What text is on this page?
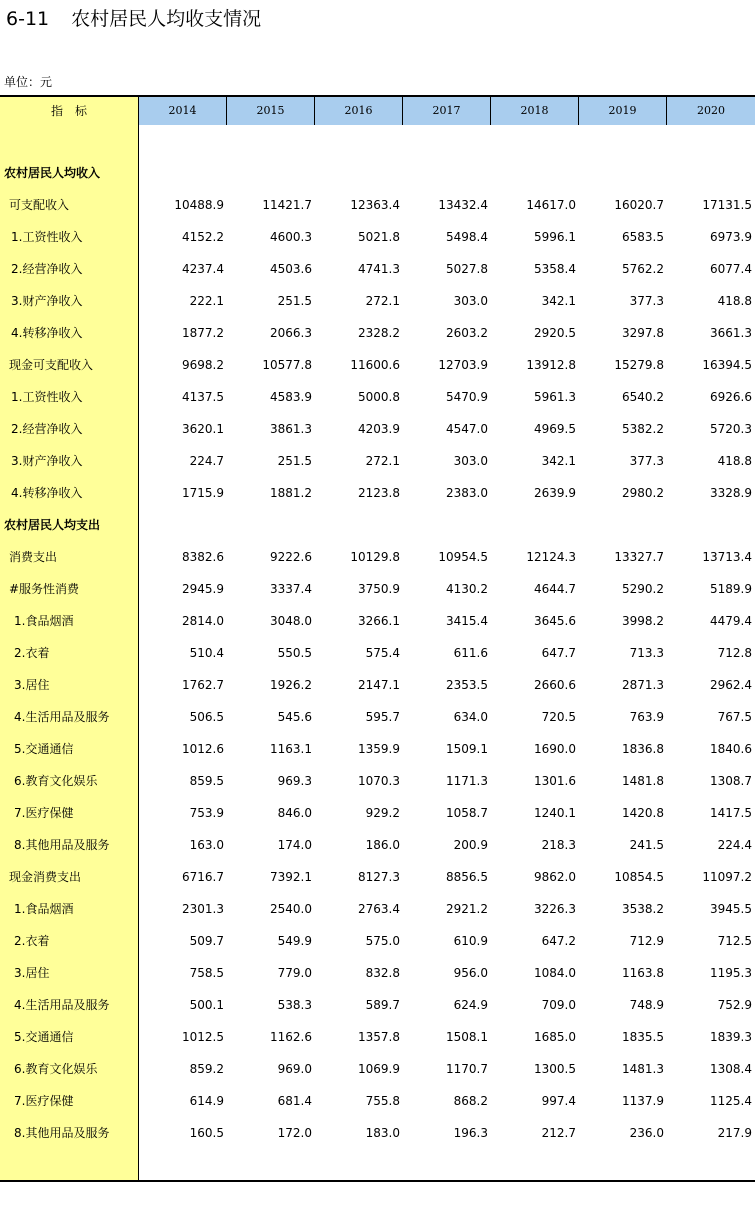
6-11 农村居民人均收支情况
单位：元
指标	2014	2015	2016	2017	2018	2019	2020
农村居民人均收入
可支配收入	10488.9	11421.7	12363.4	13432.4	14617.0	16020.7	17131.5
1.工资性收入	4152.2	4600.3	5021.8	5498.4	5996.1	6583.5	6973.9
2.经营净收入	4237.4	4503.6	4741.3	5027.8	5358.4	5762.2	6077.4
3.财产净收入	222.1	251.5	272.1	303.0	342.1	377.3	418.8
4.转移净收入	1877.2	2066.3	2328.2	2603.2	2920.5	3297.8	3661.3
现金可支配收入	9698.2	10577.8	11600.6	12703.9	13912.8	15279.8	16394.5
1.工资性收入	4137.5	4583.9	5000.8	5470.9	5961.3	6540.2	6926.6
2.经营净收入	3620.1	3861.3	4203.9	4547.0	4969.5	5382.2	5720.3
3.财产净收入	224.7	251.5	272.1	303.0	342.1	377.3	418.8
4.转移净收入	1715.9	1881.2	2123.8	2383.0	2639.9	2980.2	3328.9
农村居民人均支出
消费支出	8382.6	9222.6	10129.8	10954.5	12124.3	13327.7	13713.4
#服务性消费	2945.9	3337.4	3750.9	4130.2	4644.7	5290.2	5189.9
1.食品烟酒	2814.0	3048.0	3266.1	3415.4	3645.6	3998.2	4479.4
2.衣着	510.4	550.5	575.4	611.6	647.7	713.3	712.8
3.居住	1762.7	1926.2	2147.1	2353.5	2660.6	2871.3	2962.4
4.生活用品及服务	506.5	545.6	595.7	634.0	720.5	763.9	767.5
5.交通通信	1012.6	1163.1	1359.9	1509.1	1690.0	1836.8	1840.6
6.教育文化娱乐	859.5	969.3	1070.3	1171.3	1301.6	1481.8	1308.7
7.医疗保健	753.9	846.0	929.2	1058.7	1240.1	1420.8	1417.5
8.其他用品及服务	163.0	174.0	186.0	200.9	218.3	241.5	224.4
现金消费支出	6716.7	7392.1	8127.3	8856.5	9862.0	10854.5	11097.2
1.食品烟酒	2301.3	2540.0	2763.4	2921.2	3226.3	3538.2	3945.5
2.衣着	509.7	549.9	575.0	610.9	647.2	712.9	712.5
3.居住	758.5	779.0	832.8	956.0	1084.0	1163.8	1195.3
4.生活用品及服务	500.1	538.3	589.7	624.9	709.0	748.9	752.9
5.交通通信	1012.5	1162.6	1357.8	1508.1	1685.0	1835.5	1839.3
6.教育文化娱乐	859.2	969.0	1069.9	1170.7	1300.5	1481.3	1308.4
7.医疗保健	614.9	681.4	755.8	868.2	997.4	1137.9	1125.4
8.其他用品及服务	160.5	172.0	183.0	196.3	212.7	236.0	217.9
